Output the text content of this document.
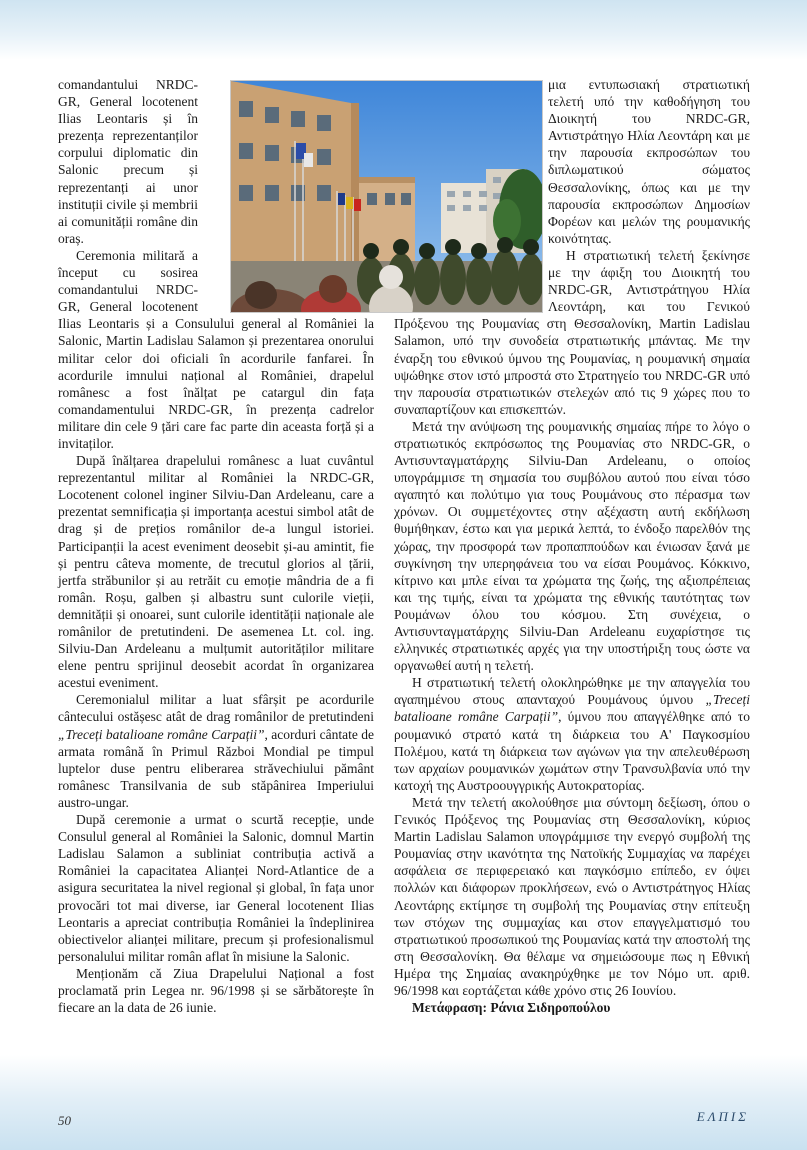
comandantului NRDC-GR, General locotenent Ilias Leontaris și în prezența reprezentanților corpului diplomatic din Salonic precum și reprezentanți ai unor instituții civile și membrii ai comunității române din oraș.

Ceremonia militară a început cu sosirea comandantului NRDC-GR, General locotenent Ilias Leontaris și a Consulului general al României la Salonic, Martin Ladislau Salamon și prezentarea onorului militar celor doi oficiali în acordurile fanfarei. În acordurile imnului național al României, drapelul românesc a fost înălțat pe catargul din fața comandamentului NRDC-GR, în prezența cadrelor militare din cele 9 țări care fac parte din aceasta forță și a invitaților.

După înălțarea drapelului românesc a luat cuvântul reprezentantul militar al României la NRDC-GR, Locotenent colonel inginer Silviu-Dan Ardeleanu, care a prezentat semnificația și importanța acestui simbol atât de drag și de prețios românilor de-a lungul istoriei. Participanții la acest eveniment deosebit și-au amintit, fie și pentru câteva momente, de trecutul glorios al țării, jertfa străbunilor și au retrăit cu emoție mândria de a fi român. Roșu, galben și albastru sunt culorile vieții, demnității și onoarei, sunt culorile identității naționale ale românilor de pretutindeni. De asemenea Lt. col. ing. Silviu-Dan Ardeleanu a mulțumit autorităților militare elene pentru sprijinul deosebit acordat în organizarea acestui eveniment.

Ceremonialul militar a luat sfârșit pe acordurile cântecului ostășesc atât de drag românilor de pretutindeni „Treceți batalioane române Carpații”, acorduri cântate de armata română în Primul Război Mondial pe timpul luptelor duse pentru eliberarea străvechiului pământ românesc Transilvania de sub stăpânirea Imperiului austro-ungar.

După ceremonie a urmat o scurtă recepție, unde Consulul general al României la Salonic, domnul Martin Ladislau Salamon a subliniat contribuția activă a României la capacitatea Alianței Nord-Atlantice de a asigura securitatea la nivel regional și global, în fața unor provocări tot mai diverse, iar General locotenent Ilias Leontaris a apreciat contribuția României la îndeplinirea obiectivelor alianței militare, precum și profesionalismul personalului militar român aflat în misiune la Salonic.

Menționăm că Ziua Drapelului Național a fost proclamată prin Legea nr. 96/1998 și se sărbătorește în fiecare an la data de 26 iunie.

μια εντυπωσιακή στρατιωτική τελετή υπό την καθοδήγηση του Διοικητή του NRDC-GR, Αντιστράτηγο Ηλία Λεοντάρη και με την παρουσία εκπροσώπων του διπλωματικού σώματος Θεσσαλονίκης, όπως και με την παρουσία εκπροσώπων Δημοσίων Φορέων και μελών της ρουμανικής κοινότητας.

Η στρατιωτική τελετή ξεκίνησε με την άφιξη του Διοικητή του NRDC-GR, Αντιστράτηγου Ηλία Λεοντάρη, και του Γενικού Πρόξενου της Ρουμανίας στη Θεσσαλονίκη, Martin Ladislau Salamon, υπό την συνοδεία στρατιωτικής μπάντας. Με την έναρξη του εθνικού ύμνου της Ρουμανίας, η ρουμανική σημαία υψώθηκε στον ιστό μπροστά στο Στρατηγείο του NRDC-GR υπό την παρουσία στρατιωτικών στελεχών από τις 9 χώρες που το συναπαρτίζουν και επισκεπτών.

Μετά την ανύψωση της ρουμανικής σημαίας πήρε το λόγο ο στρατιωτικός εκπρόσωπος της Ρουμανίας στο NRDC-GR, ο Αντισυνταγματάρχης Silviu-Dan Ardeleanu, ο οποίος υπογράμμισε τη σημασία του συμβόλου αυτού που είναι τόσο αγαπητό και πολύτιμο για τους Ρουμάνους στο πέρασμα των χρόνων. Οι συμμετέχοντες στην αξέχαστη αυτή εκδήλωση θυμήθηκαν, έστω και για μερικά λεπτά, το ένδοξο παρελθόν της χώρας, την προσφορά των προπαππούδων και ένιωσαν ξανά με συγκίνηση την υπερηφάνεια του να είσαι Ρουμάνος. Κόκκινο, κίτρινο και μπλε είναι τα χρώματα της ζωής, της αξιοπρέπειας και της τιμής, είναι τα χρώματα της εθνικής ταυτότητας των Ρουμάνων όλου του κόσμου. Στη συνέχεια, ο Αντισυνταγματάρχης Silviu-Dan Ardeleanu ευχαρίστησε τις ελληνικές στρατιωτικές αρχές για την υποστήριξη τους ώστε να οργανωθεί αυτή η τελετή.

Η στρατιωτική τελετή ολοκληρώθηκε με την απαγγελία του αγαπημένου στους απανταχού Ρουμάνους ύμνου „Treceți batalioane române Carpații”, ύμνου που απαγγέλθηκε από το ρουμανικό στρατό κατά τη διάρκεια του Α' Παγκοσμίου Πολέμου, κατά τη διάρκεια των αγώνων για την απελευθέρωση των αρχαίων ρουμανικών χωμάτων στην Τρανσυλβανία υπό την κατοχή της Αυστροουγγρικής Αυτοκρατορίας.

Μετά την τελετή ακολούθησε μια σύντομη δεξίωση, όπου ο Γενικός Πρόξενος της Ρουμανίας στη Θεσσαλονίκη, κύριος Martin Ladislau Salamon υπογράμμισε την ενεργό συμβολή της Ρουμανίας στην ικανότητα της Νατοϊκής Συμμαχίας να παρέχει ασφάλεια σε περιφερειακό και παγκόσμιο επίπεδο, εν όψει πολλών και διάφορων προκλήσεων, ενώ ο Αντιστράτηγος Ηλίας Λεοντάρης εκτίμησε τη συμβολή της Ρουμανίας στην επίτευξη των στόχων της συμμαχίας και στον επαγγελματισμό του στρατιωτικού προσωπικού της Ρουμανίας κατά την αποστολή της στη Θεσσαλονίκη. Θα θέλαμε να σημειώσουμε πως η Εθνική Ημέρα της Σημαίας ανακηρύχθηκε με τον Νόμο υπ. αριθ. 96/1998 και εορτάζεται κάθε χρόνο στις 26 Ιουνίου.

Μετάφραση: Ράνια Σιδηροπούλου

50	ΕΛΠΙΣ
